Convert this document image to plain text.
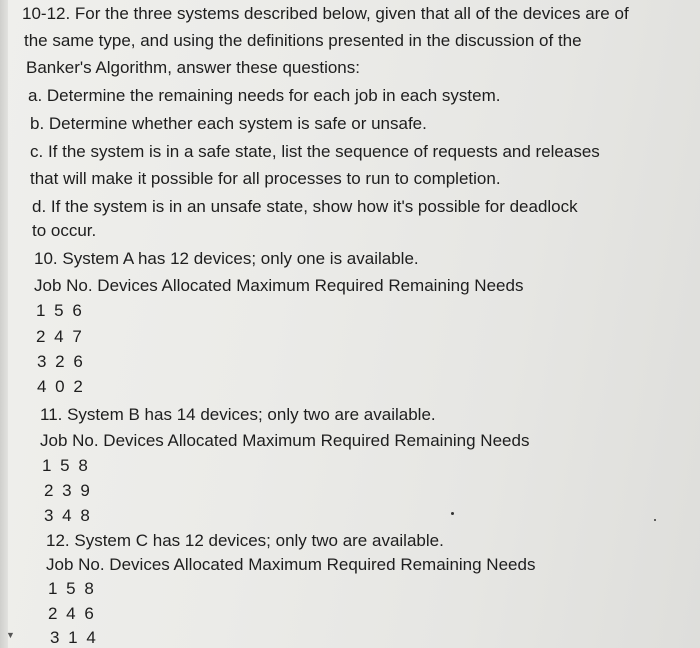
▼
10-12. For the three systems described below, given that all of the devices are of
the same type, and using the definitions presented in the discussion of the
Banker's Algorithm, answer these questions:
a. Determine the remaining needs for each job in each system.
b. Determine whether each system is safe or unsafe.
c. If the system is in a safe state, list the sequence of requests and releases
that will make it possible for all processes to run to completion.
d. If the system is in an unsafe state, show how it's possible for deadlock
to occur.
10. System A has 12 devices; only one is available.
Job No. Devices Allocated Maximum Required Remaining Needs
1 5 6
2 4 7
3 2 6
4 0 2
11. System B has 14 devices; only two are available.
Job No. Devices Allocated Maximum Required Remaining Needs
1 5 8
2 3 9
3 4 8
12. System C has 12 devices; only two are available.
Job No. Devices Allocated Maximum Required Remaining Needs
1 5 8
2 4 6
3 1 4
